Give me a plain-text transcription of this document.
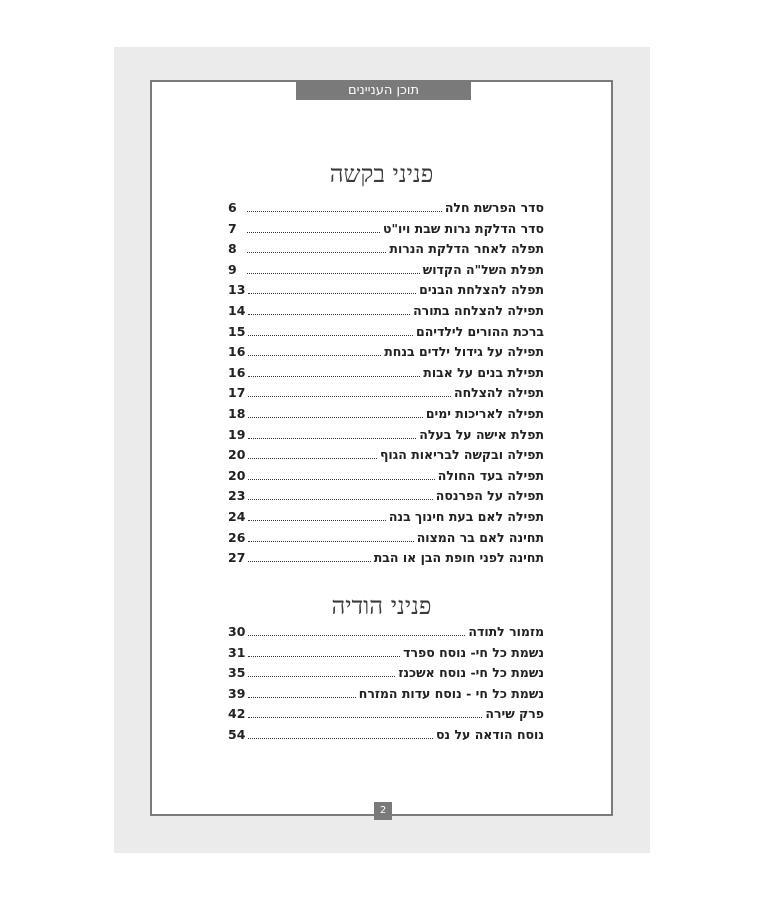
תוכן העניינים
פניני בקשה
סדר הפרשת חלה
6
סדר הדלקת נרות שבת ויו"ט
7
תפלה לאחר הדלקת הנרות
8
תפלת השל"ה הקדוש
9
תפלה להצלחת הבנים
13
תפילה להצלחה בתורה
14
ברכת ההורים לילדיהם
15
תפילה על גידול ילדים בנחת
16
תפילת בנים על אבות
16
תפילה להצלחה
17
תפילה לאריכות ימים
18
תפלת אישה על בעלה
19
תפילה ובקשה לבריאות הגוף
20
תפילה בעד החולה
20
תפילה על הפרנסה
23
תפילה לאם בעת חינוך בנה
24
תחינה לאם בר המצוה
26
תחינה לפני חופת הבן או הבת
27
פניני הודיה
מזמור לתודה
30
נשמת כל חי- נוסח ספרד
31
נשמת כל חי- נוסח אשכנז
35
נשמת כל חי - נוסח עדות המזרח
39
פרק שירה
42
נוסח הודאה על נס
54
2
